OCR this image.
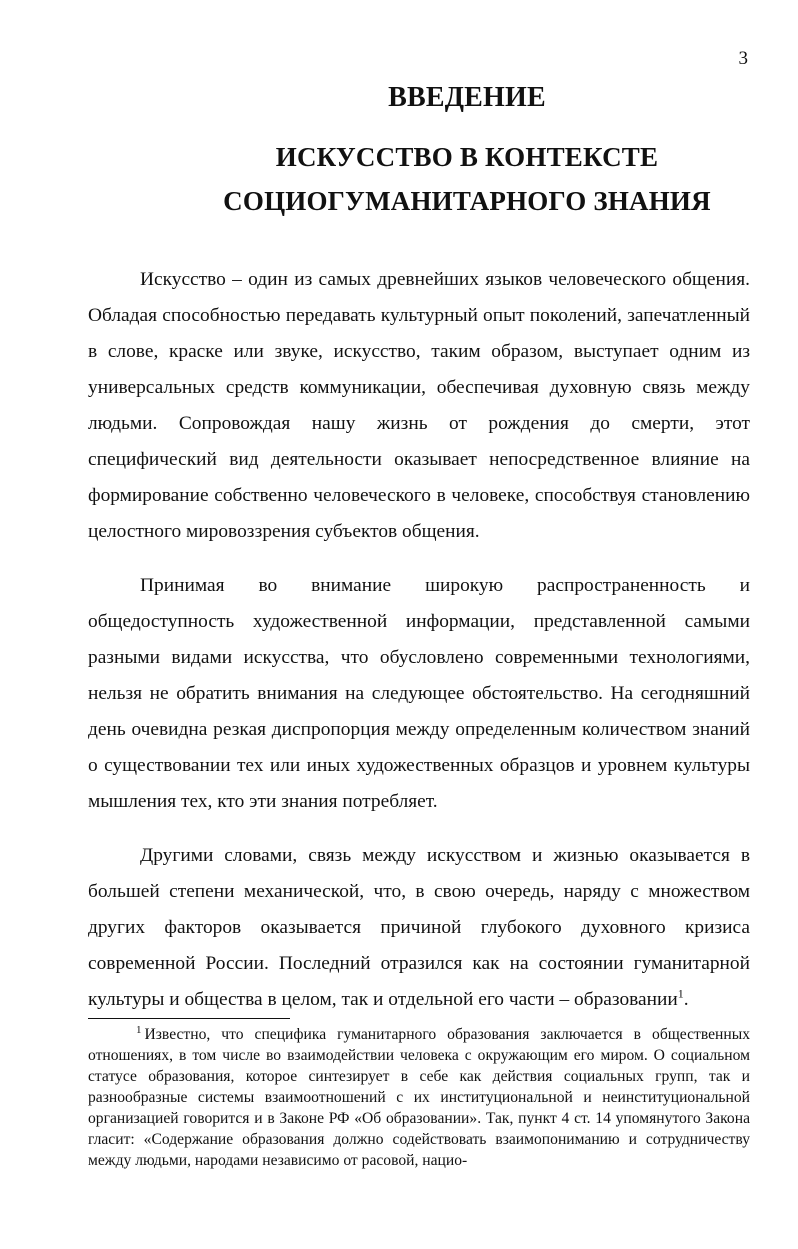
3
ВВЕДЕНИЕ
ИСКУССТВО В КОНТЕКСТЕ
СОЦИОГУМАНИТАРНОГО ЗНАНИЯ

Искусство – один из самых древнейших языков человеческого общения. Обладая способностью передавать культурный опыт поколений, запечатленный в слове, краске или звуке, искусство, таким образом, выступает одним из универсальных средств коммуникации, обеспечивая духовную связь между людьми. Сопровождая нашу жизнь от рождения до смерти, этот специфический вид деятельности оказывает непосредственное влияние на формирование собственно человеческого в человеке, способствуя становлению целостного мировоззрения субъектов общения.

Принимая во внимание широкую распространенность и общедоступность художественной информации, представленной самыми разными видами искусства, что обусловлено современными технологиями, нельзя не обратить внимания на следующее обстоятельство. На сегодняшний день очевидна резкая диспропорция между определенным количеством знаний о существовании тех или иных художественных образцов и уровнем культуры мышления тех, кто эти знания потребляет.

Другими словами, связь между искусством и жизнью оказывается в большей степени механической, что, в свою очередь, наряду с множеством других факторов оказывается причиной глубокого духовного кризиса современной России. Последний отразился как на состоянии гуманитарной культуры и общества в целом, так и отдельной его части – образовании$^1$.

$^1$ Известно, что специфика гуманитарного образования заключается в общественных отношениях, в том числе во взаимодействии человека с окружающим его миром. О социальном статусе образования, которое синтезирует в себе как действия социальных групп, так и разнообразные системы взаимоотношений с их институциональной и неинституциональной организацией говорится и в Законе РФ «Об образовании». Так, пункт 4 ст. 14 упомянутого Закона гласит: «Содержание образования должно содействовать взаимопониманию и сотрудничеству между людьми, народами независимо от расовой, нацио-
